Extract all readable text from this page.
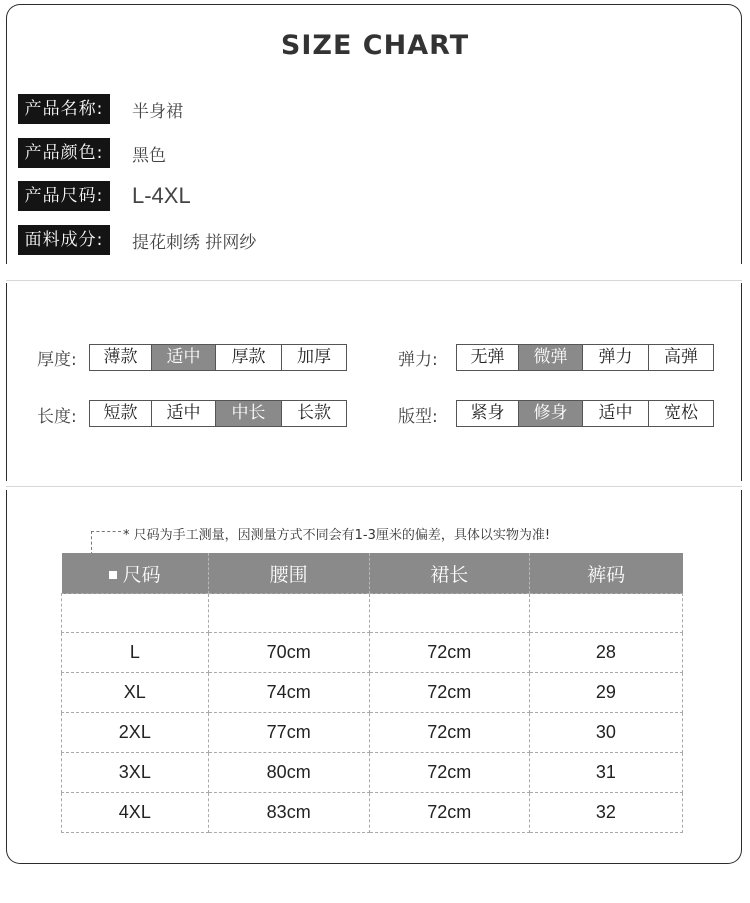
SIZE CHART
产品名称:	半身裙
产品颜色:	黑色
产品尺码:	L-4XL
面料成分:	提花刺绣 拼网纱
厚度:	薄款	适中	厚款	加厚	弹力:	无弹	微弹	弹力	高弹
长度:	短款	适中	中长	长款	版型:	紧身	修身	适中	宽松
* 尺码为手工测量，因测量方式不同会有1-3厘米的偏差，具体以实物为准!
尺码	腰围	裙长	裤码

L	70cm	72cm	28
XL	74cm	72cm	29
2XL	77cm	72cm	30
3XL	80cm	72cm	31
4XL	83cm	72cm	32
